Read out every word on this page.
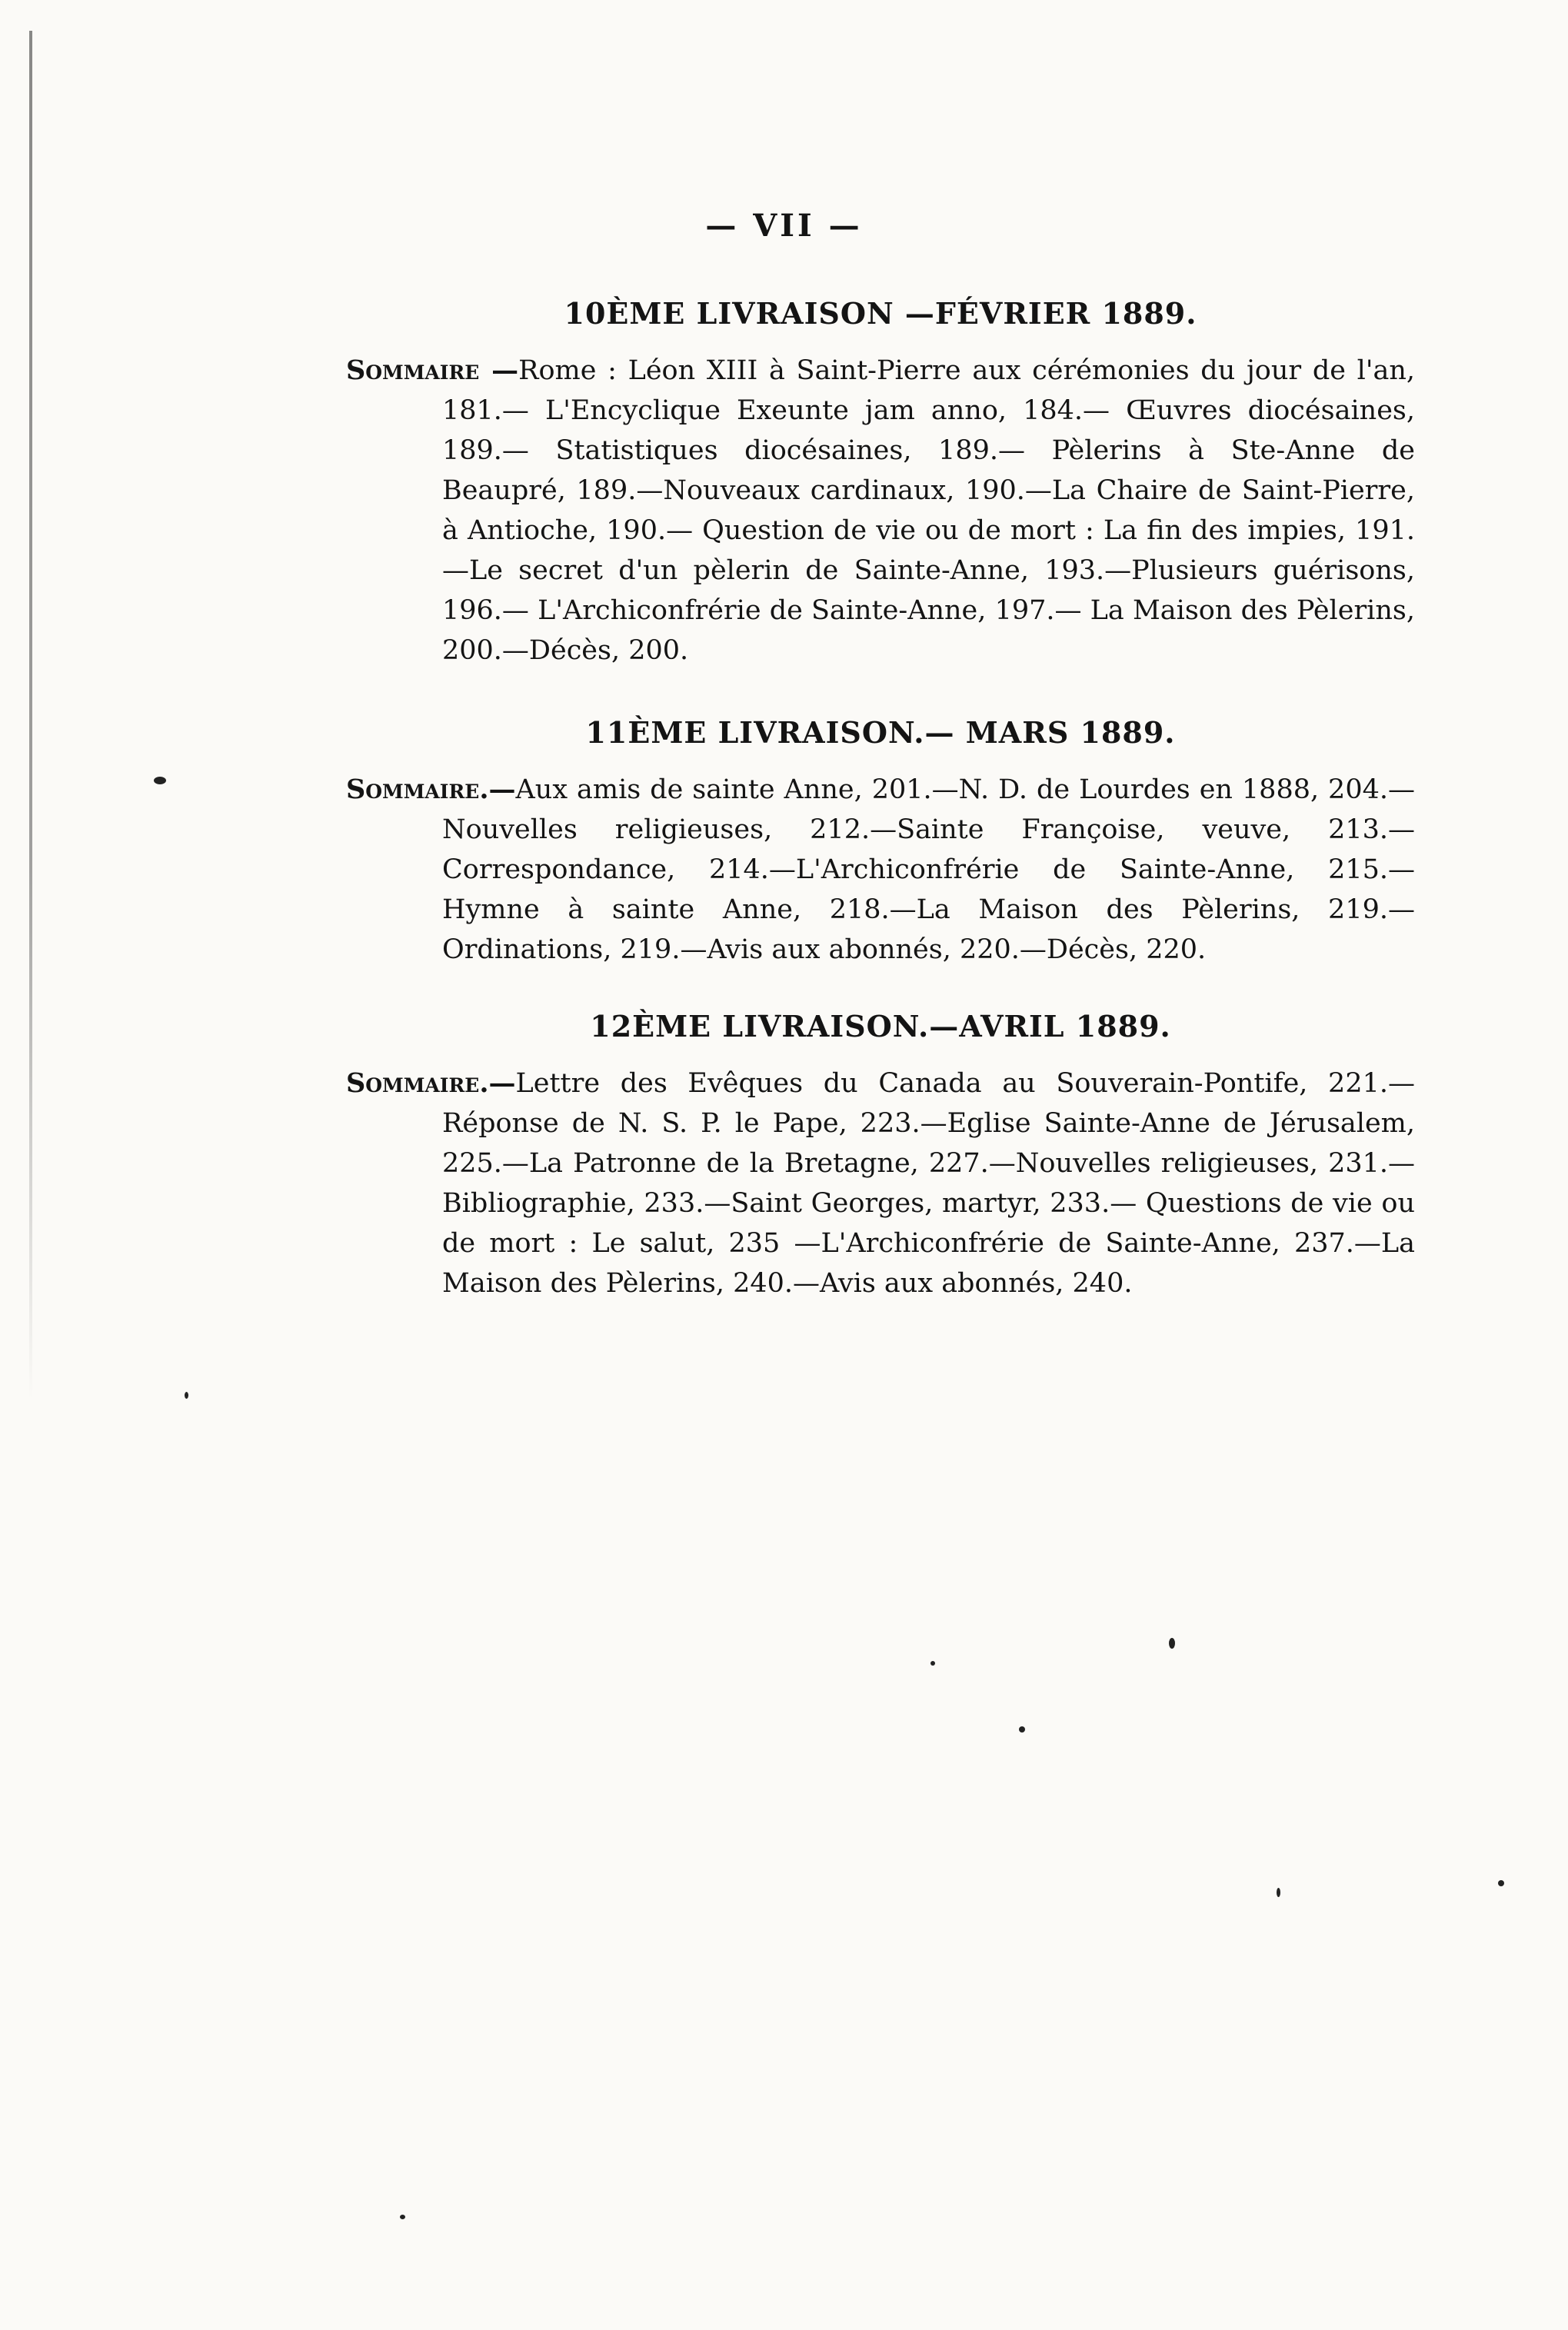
— VII —
10ÈME LIVRAISON —FÉVRIER 1889.

Sommaire —Rome : Léon XIII à Saint-Pierre aux cérémonies du jour de l'an, 181.— L'Encyclique Exeunte jam anno, 184.— Œuvres diocésaines, 189.— Statistiques diocésaines, 189.— Pèlerins à Ste-Anne de Beaupré, 189.—Nouveaux cardinaux, 190.—La Chaire de Saint-Pierre, à Antioche, 190.— Question de vie ou de mort : La fin des impies, 191.—Le secret d'un pèlerin de Sainte-Anne, 193.—Plusieurs guérisons, 196.— L'Archiconfrérie de Sainte-Anne, 197.— La Maison des Pèlerins, 200.—Décès, 200.

11ÈME LIVRAISON.— MARS 1889.

Sommaire.—Aux amis de sainte Anne, 201.—N. D. de Lourdes en 1888, 204.—Nouvelles religieuses, 212.—Sainte Françoise, veuve, 213.— Correspondance, 214.—L'Archiconfrérie de Sainte-Anne, 215.— Hymne à sainte Anne, 218.—La Maison des Pèlerins, 219.—Ordinations, 219.—Avis aux abonnés, 220.—Décès, 220.

12ÈME LIVRAISON.—AVRIL 1889.

Sommaire.—Lettre des Evêques du Canada au Souverain-Pontife, 221.— Réponse de N. S. P. le Pape, 223.—Eglise Sainte-Anne de Jérusalem, 225.—La Patronne de la Bretagne, 227.—Nouvelles religieuses, 231.—Bibliographie, 233.—Saint Georges, martyr, 233.— Questions de vie ou de mort : Le salut, 235 —L'Archiconfrérie de Sainte-Anne, 237.—La Maison des Pèlerins, 240.—Avis aux abonnés, 240.
